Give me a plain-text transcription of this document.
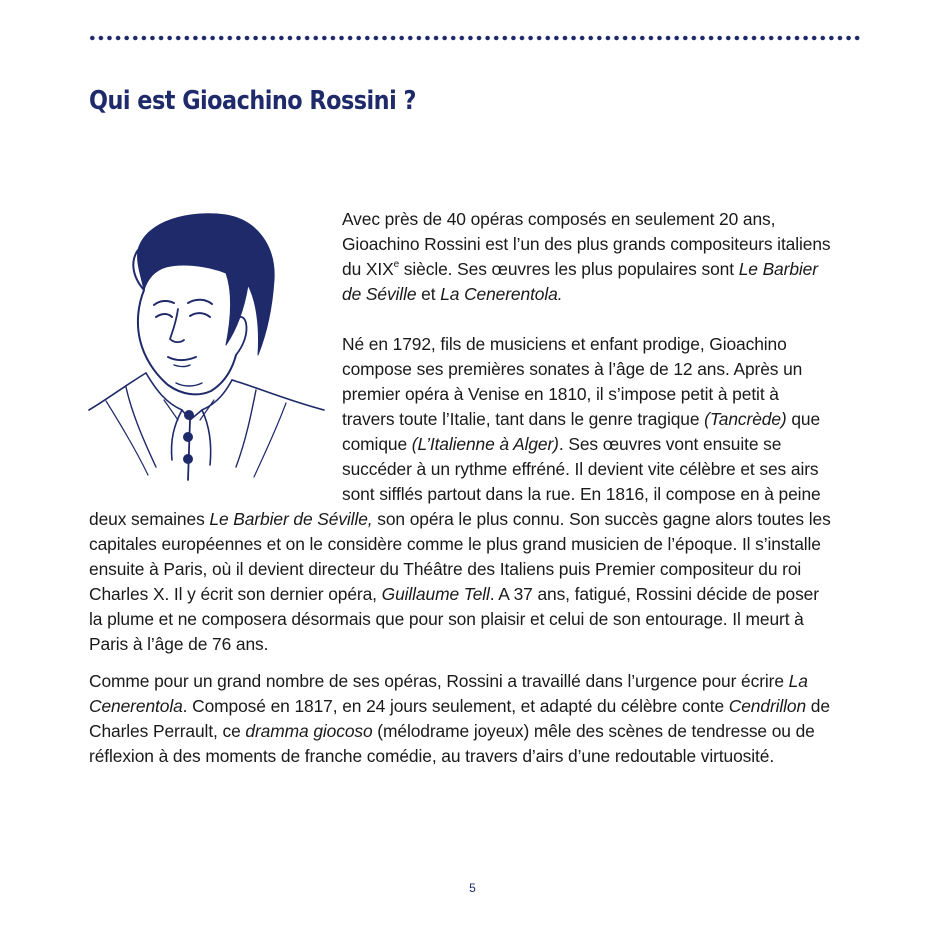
Qui est Gioachino Rossini ?

Avec près de 40 opéras composés en seulement 20 ans, Gioachino Rossini est l’un des plus grands compositeurs italiens du XIXe siècle. Ses œuvres les plus populaires sont Le Barbier de Séville et La Cenerentola.

Né en 1792, fils de musiciens et enfant prodige, Gioachino compose ses premières sonates à l’âge de 12 ans. Après un premier opéra à Venise en 1810, il s’impose petit à petit à travers toute l’Italie, tant dans le genre tragique (Tancrède) que comique (L’Italienne à Alger). Ses œuvres vont ensuite se succéder à un rythme effréné. Il devient vite célèbre et ses airs sont sifflés partout dans la rue. En 1816, il compose en à peine deux semaines Le Barbier de Séville, son opéra le plus connu. Son succès gagne alors toutes les capitales européennes et on le considère comme le plus grand musicien de l’époque. Il s’installe ensuite à Paris, où il devient directeur du Théâtre des Italiens puis Premier compositeur du roi Charles X. Il y écrit son dernier opéra, Guillaume Tell. A 37 ans, fatigué, Rossini décide de poser la plume et ne composera désormais que pour son plaisir et celui de son entourage. Il meurt à Paris à l’âge de 76 ans.

Comme pour un grand nombre de ses opéras, Rossini a travaillé dans l’urgence pour écrire La Cenerentola. Composé en 1817, en 24 jours seulement, et adapté du célèbre conte Cendrillon de Charles Perrault, ce dramma giocoso (mélodrame joyeux) mêle des scènes de tendresse ou de réflexion à des moments de franche comédie, au travers d’airs d’une redoutable virtuosité.

5
